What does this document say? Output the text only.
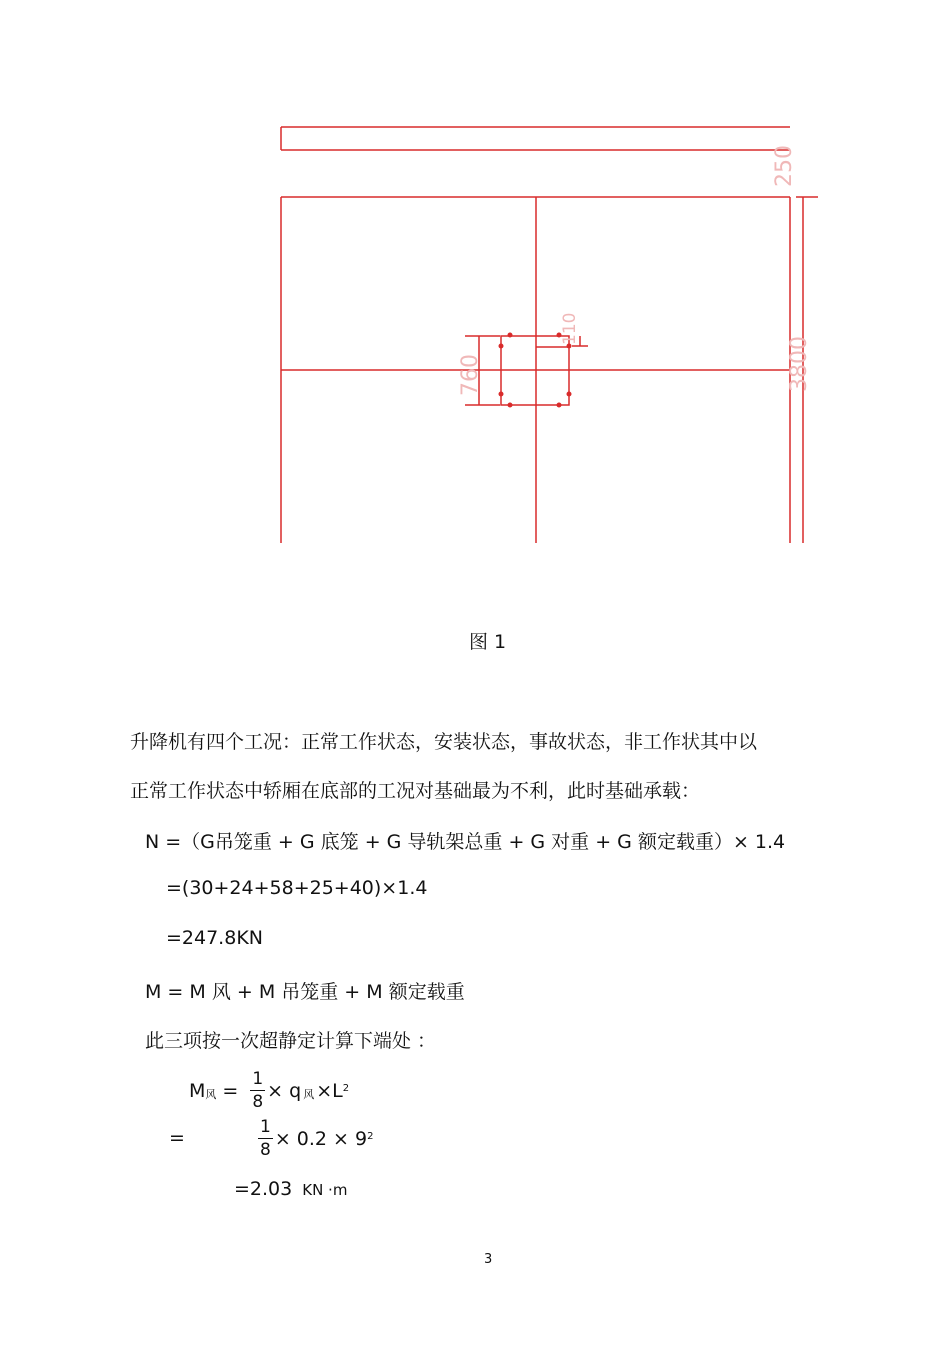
250
3800
760
110
图 1
升降机有四个工况：正常工作状态，安装状态，事故状态，非工作状其中以
正常工作状态中轿厢在底部的工况对基础最为不利，此时基础承载：
N =（G吊笼重 + G 底笼 + G 导轨架总重 + G 对重 + G 额定载重）× 1.4
=(30+24+58+25+40)×1.4
=247.8KN
M = M 风 + M 吊笼重 + M 额定载重
此三项按一次超静定计算下端处 ：
M 风 = $\frac{1}{8} \times q$ 风 ×L 2
=	$\frac{1}{8} \times 0.2 \times 9$ 2
=2.03 KN ·m
3
